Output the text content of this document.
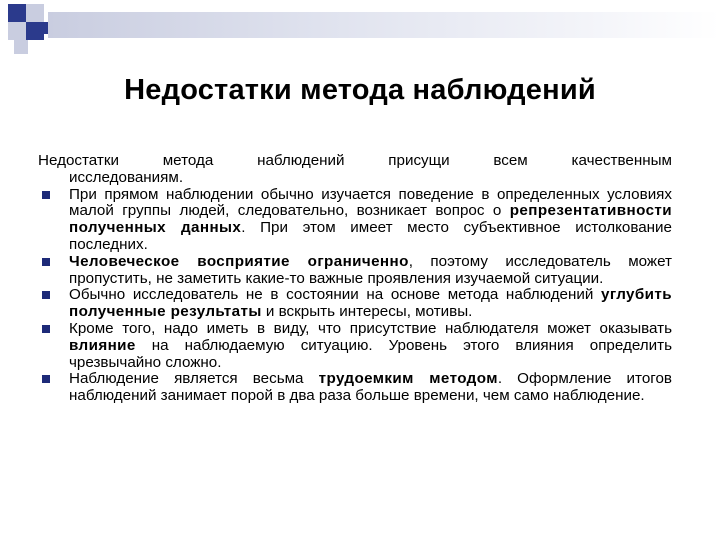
Недостатки метода наблюдений
Недостатки метода наблюдений присущи всем качественным
исследованиям.
При прямом наблюдении обычно изучается поведение в определенных условиях малой группы людей, следовательно, возникает вопрос о репрезентативности полученных данных. При этом имеет место субъективное истолкование последних.
Человеческое восприятие ограниченно, поэтому исследователь может пропустить, не заметить какие-то важные проявления изучаемой ситуации.
Обычно исследователь не в состоянии на основе метода наблюдений углубить полученные результаты и вскрыть интересы, мотивы.
Кроме того, надо иметь в виду, что присутствие наблюдателя может оказывать влияние на наблюдаемую ситуацию. Уровень этого влияния определить чрезвычайно сложно.
Наблюдение является весьма трудоемким методом. Оформление итогов наблюдений занимает порой в два раза больше времени, чем само наблюдение.
